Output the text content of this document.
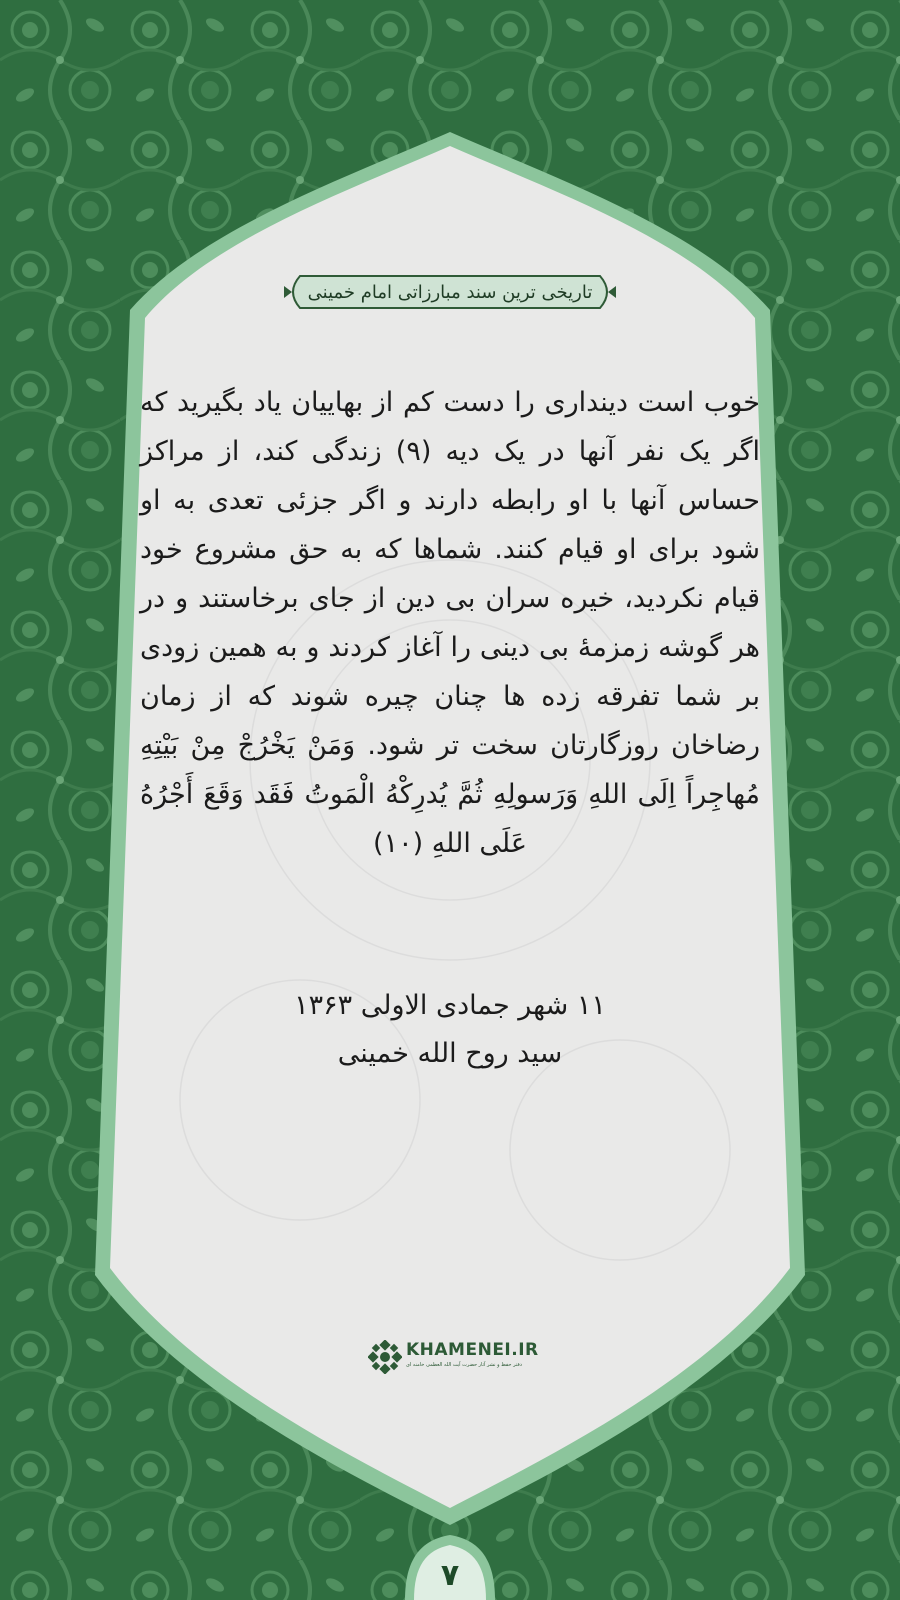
تاریخی ترین سند مبارزاتی امام خمینی
خوب است دینداری را دست کم از بهاییان یاد بگیرید که اگر یک نفر آنها در یک دیه (۹) زندگی کند، از مراکز حساس آنها با او رابطه دارند و اگر جزئی تعدی به او شود برای او قیام کنند. شماها که به حق مشروع خود قیام نکردید، خیره سران بی دین از جای برخاستند و در هر گوشه زمزمهٔ بی دینی را آغاز کردند و به همین زودی بر شما تفرقه زده ها چنان چیره شوند که از زمان رضاخان روزگارتان سخت تر شود. وَمَنْ یَخْرُجْ مِنْ بَیْتِهِ مُهاجِراً اِلَی اللهِ وَرَسولِهِ ثُمَّ یُدرِکْهُ الْمَوتُ فَقَد وَقَعَ أَجْرُهُ عَلَی اللهِ (۱۰)
۱۱ شهر جمادی الاولی ۱۳۶۳
سید روح الله خمینی
KHAMENEI.IR
دفتر حفظ و نشر آثار حضرت آیت الله العظمی خامنه ای
۷
